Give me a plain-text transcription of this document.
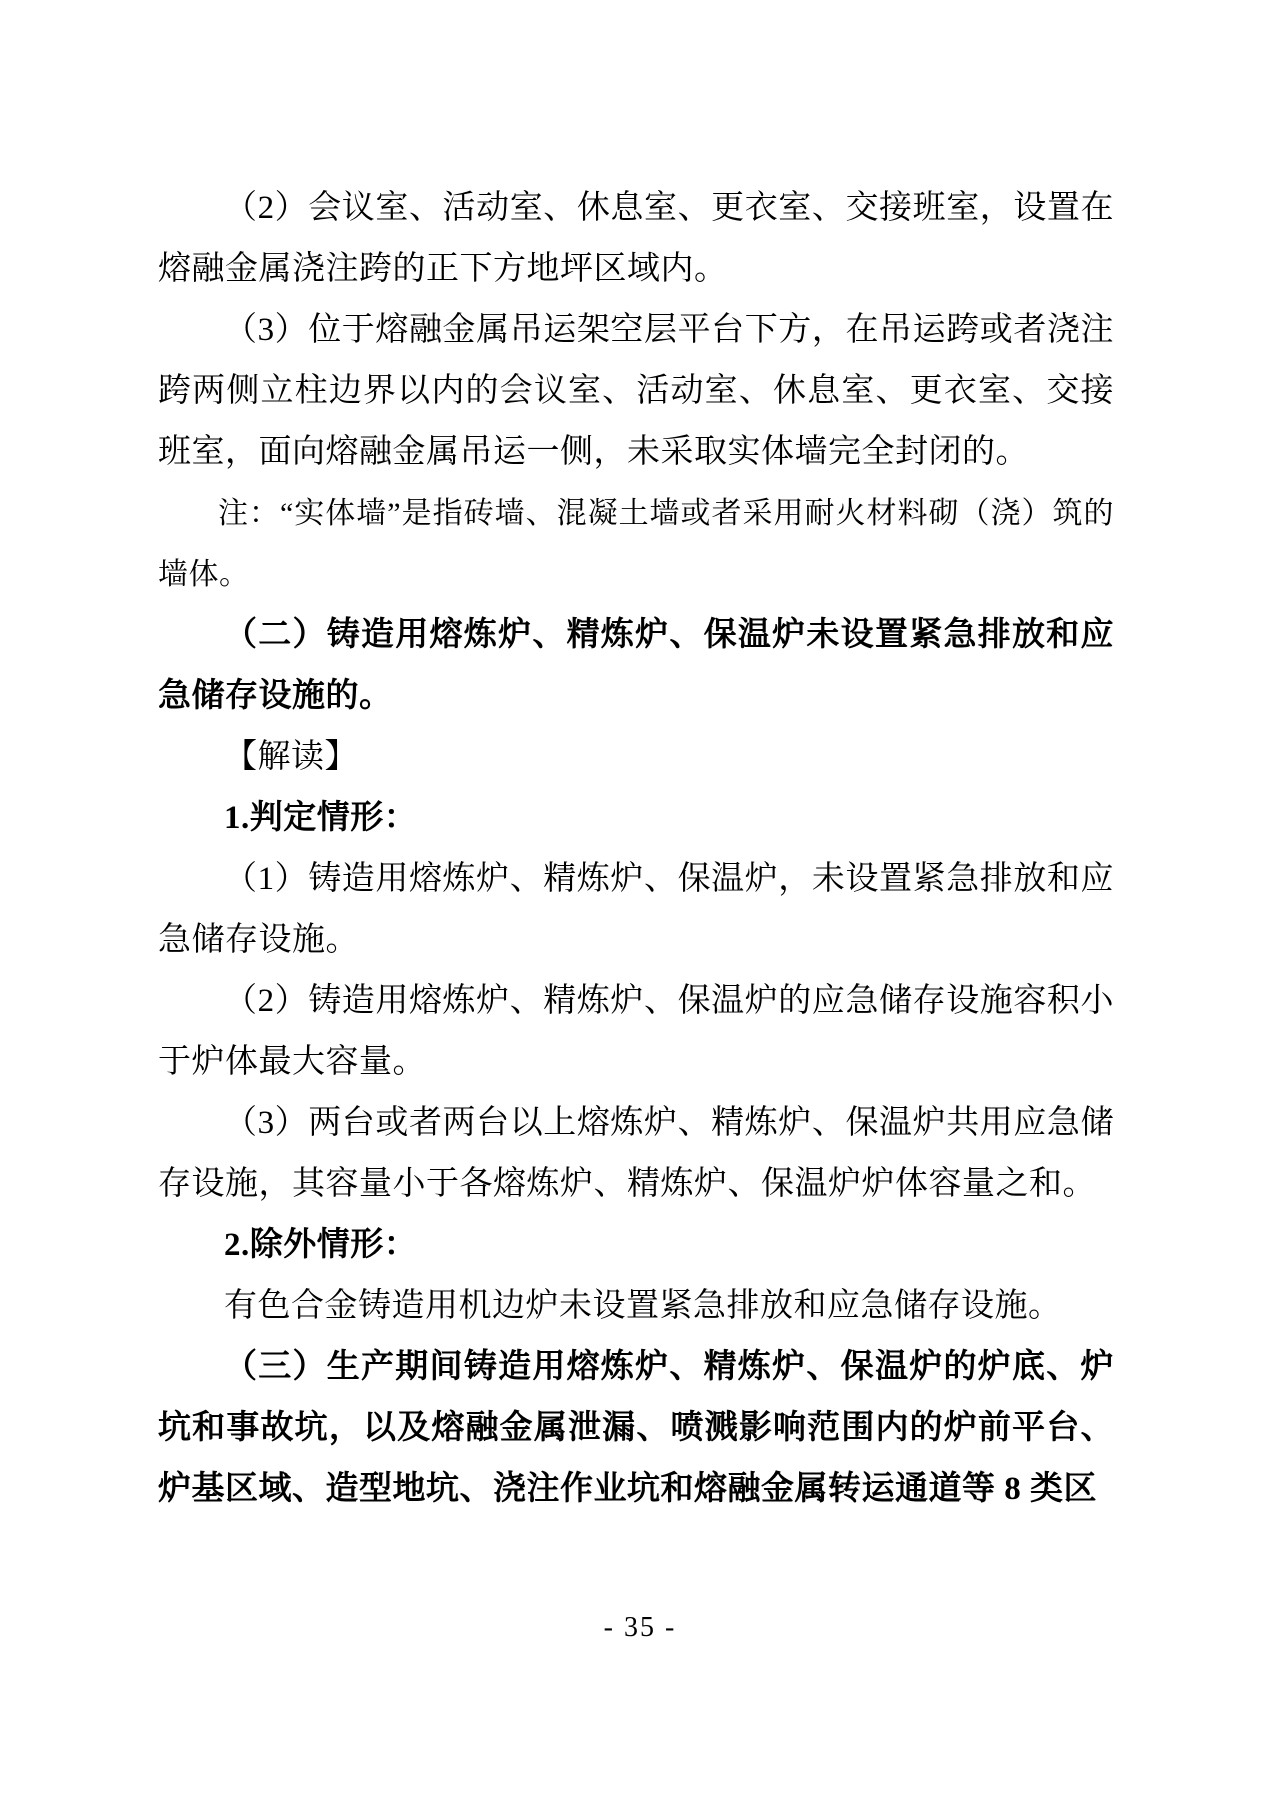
（2）会议室、活动室、休息室、更衣室、交接班室，设置在熔融金属浇注跨的正下方地坪区域内。

（3）位于熔融金属吊运架空层平台下方，在吊运跨或者浇注跨两侧立柱边界以内的会议室、活动室、休息室、更衣室、交接班室，面向熔融金属吊运一侧，未采取实体墙完全封闭的。

注：“实体墙”是指砖墙、混凝土墙或者采用耐火材料砌（浇）筑的墙体。

（二）铸造用熔炼炉、精炼炉、保温炉未设置紧急排放和应急储存设施的。

【解读】

1.判定情形：

（1）铸造用熔炼炉、精炼炉、保温炉，未设置紧急排放和应急储存设施。

（2）铸造用熔炼炉、精炼炉、保温炉的应急储存设施容积小于炉体最大容量。

（3）两台或者两台以上熔炼炉、精炼炉、保温炉共用应急储存设施，其容量小于各熔炼炉、精炼炉、保温炉炉体容量之和。

2.除外情形：

有色合金铸造用机边炉未设置紧急排放和应急储存设施。

（三）生产期间铸造用熔炼炉、精炼炉、保温炉的炉底、炉坑和事故坑，以及熔融金属泄漏、喷溅影响范围内的炉前平台、炉基区域、造型地坑、浇注作业坑和熔融金属转运通道等 8 类区

- 35 -
